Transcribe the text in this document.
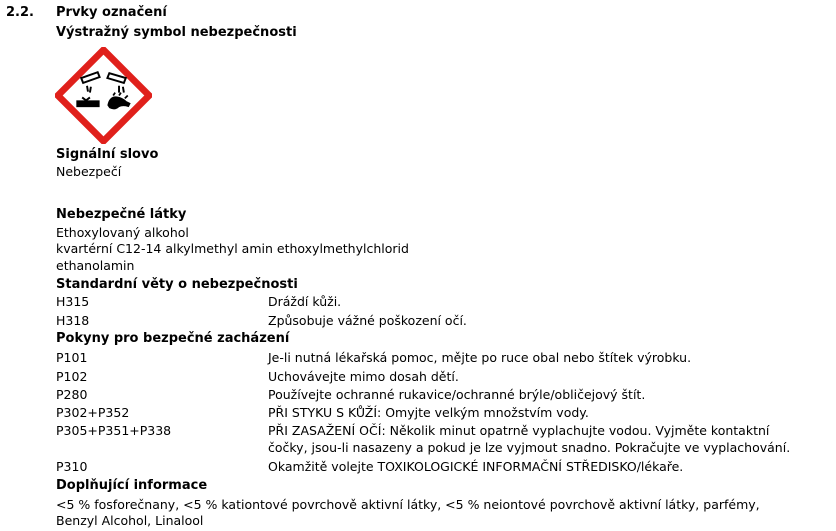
2.2. Prvky označení
Výstražný symbol nebezpečnosti
Signální slovo
Nebezpečí
Nebezpečné látky
Ethoxylovaný alkohol
kvartérní C12-14 alkylmethyl amin ethoxylmethylchlorid
ethanolamin
Standardní věty o nebezpečnosti
H315	Dráždí kůži.
H318	Způsobuje vážné poškození očí.
Pokyny pro bezpečné zacházení
P101	Je-li nutná lékařská pomoc, mějte po ruce obal nebo štítek výrobku.
P102	Uchovávejte mimo dosah dětí.
P280	Používejte ochranné rukavice/ochranné brýle/obličejový štít.
P302+P352	PŘI STYKU S KŮŽÍ: Omyjte velkým množstvím vody.
P305+P351+P338	PŘI ZASAŽENÍ OČÍ: Několik minut opatrně vyplachujte vodou. Vyjměte kontaktní
čočky, jsou-li nasazeny a pokud je lze vyjmout snadno. Pokračujte ve vyplachování.
P310	Okamžitě volejte TOXIKOLOGICKÉ INFORMAČNÍ STŘEDISKO/lékaře.
Doplňující informace
<5 % fosforečnany, <5 % kationtové povrchově aktivní látky, <5 % neiontové povrchově aktivní látky, parfémy,
Benzyl Alcohol, Linalool
